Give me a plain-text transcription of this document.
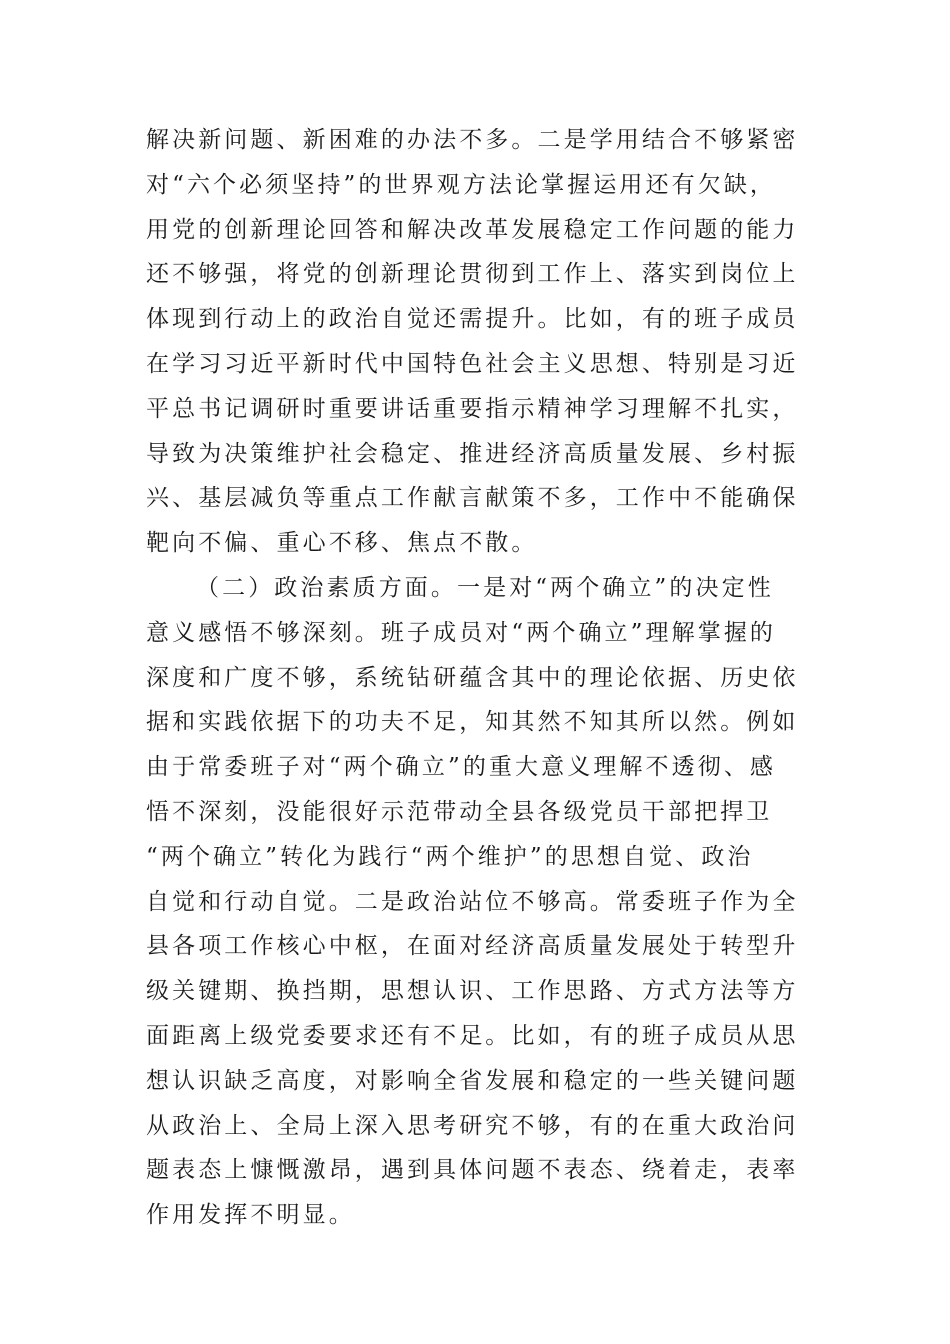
解决新问题、新困难的办法不多。二是学用结合不够紧密
对“六个必须坚持”的世界观方法论掌握运用还有欠缺，
用党的创新理论回答和解决改革发展稳定工作问题的能力
还不够强，将党的创新理论贯彻到工作上、落实到岗位上
体现到行动上的政治自觉还需提升。比如，有的班子成员
在学习习近平新时代中国特色社会主义思想、特别是习近
平总书记调研时重要讲话重要指示精神学习理解不扎实，
导致为决策维护社会稳定、推进经济高质量发展、乡村振
兴、基层减负等重点工作献言献策不多，工作中不能确保
靶向不偏、重心不移、焦点不散。
（二）政治素质方面。一是对“两个确立”的决定性
意义感悟不够深刻。班子成员对“两个确立”理解掌握的
深度和广度不够，系统钻研蕴含其中的理论依据、历史依
据和实践依据下的功夫不足，知其然不知其所以然。例如
由于常委班子对“两个确立”的重大意义理解不透彻、感
悟不深刻，没能很好示范带动全县各级党员干部把捍卫
“两个确立”转化为践行“两个维护”的思想自觉、政治
自觉和行动自觉。二是政治站位不够高。常委班子作为全
县各项工作核心中枢，在面对经济高质量发展处于转型升
级关键期、换挡期，思想认识、工作思路、方式方法等方
面距离上级党委要求还有不足。比如，有的班子成员从思
想认识缺乏高度，对影响全省发展和稳定的一些关键问题
从政治上、全局上深入思考研究不够，有的在重大政治问
题表态上慷慨激昂，遇到具体问题不表态、绕着走，表率
作用发挥不明显。
